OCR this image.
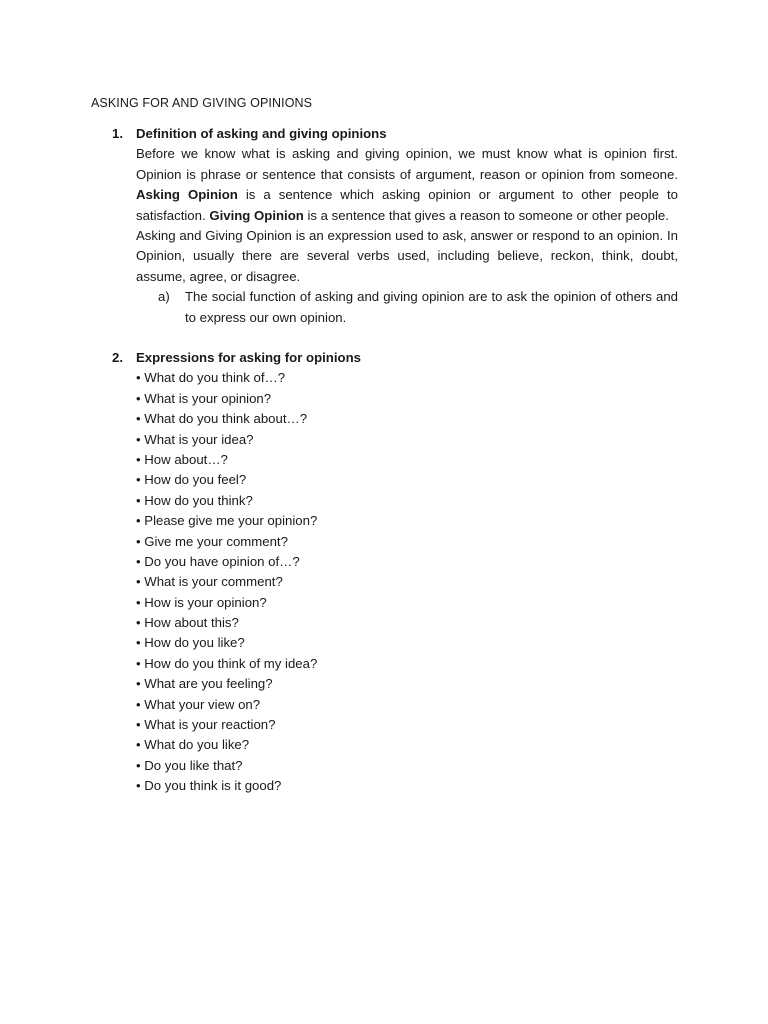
ASKING FOR AND GIVING OPINIONS
1. Definition of asking and giving opinions

Before we know what is asking and giving opinion, we must know what is opinion first. Opinion is phrase or sentence that consists of argument, reason or opinion from someone. Asking Opinion is a sentence which asking opinion or argument to other people to satisfaction. Giving Opinion is a sentence that gives a reason to someone or other people.

Asking and Giving Opinion is an expression used to ask, answer or respond to an opinion. In Opinion, usually there are several verbs used, including believe, reckon, think, doubt, assume, agree, or disagree.

a)	The social function of asking and giving opinion are to ask the opinion of others and to express our own opinion.
2. Expressions for asking for opinions
• What do you think of…?
• What is your opinion?
• What do you think about…?
• What is your idea?
• How about…?
• How do you feel?
• How do you think?
• Please give me your opinion?
• Give me your comment?
• Do you have opinion of…?
• What is your comment?
• How is your opinion?
• How about this?
• How do you like?
• How do you think of my idea?
• What are you feeling?
• What your view on?
• What is your reaction?
• What do you like?
• Do you like that?
• Do you think is it good?
